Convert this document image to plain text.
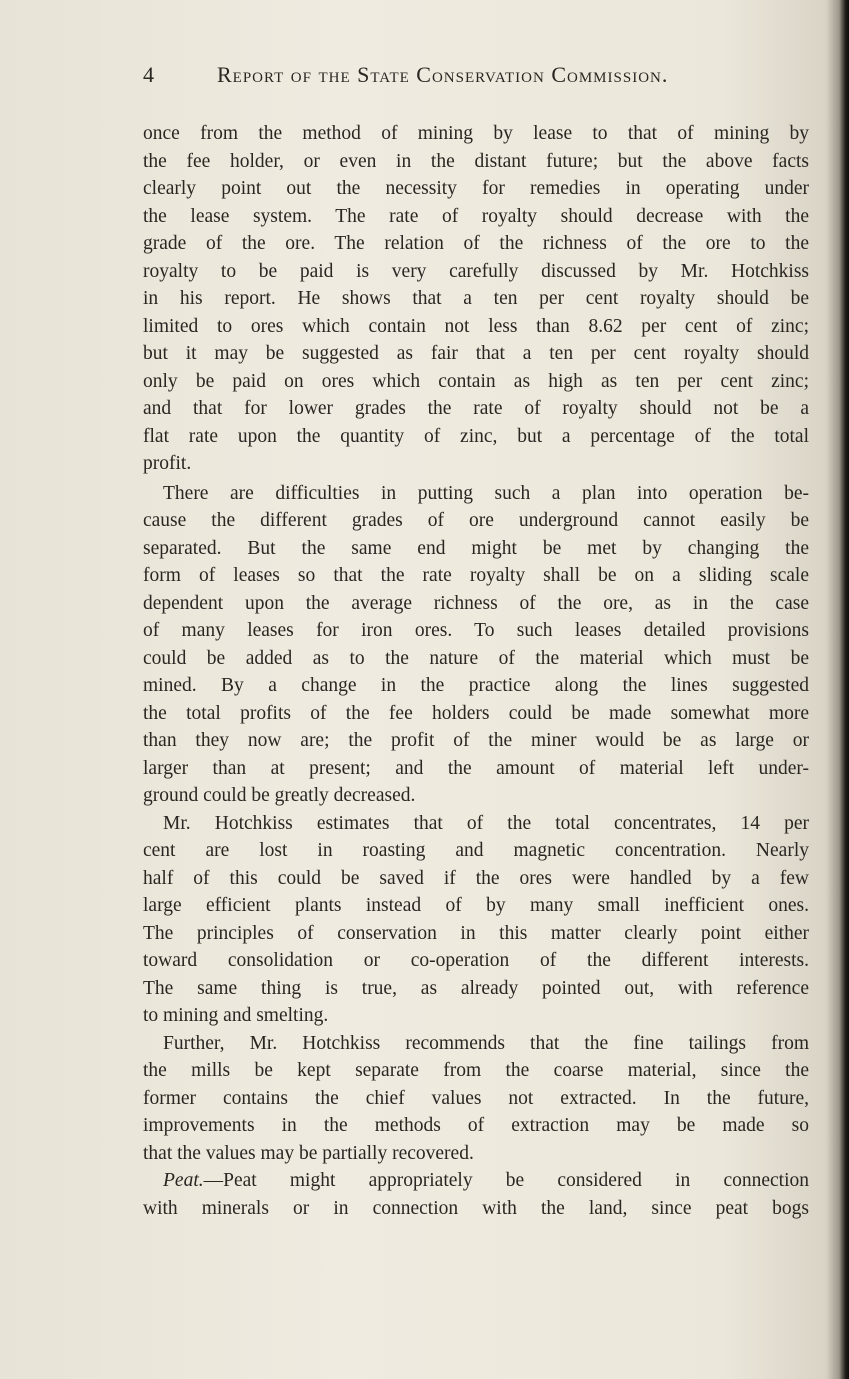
4	Report of the State Conservation Commission.
once from the method of mining by lease to that of mining by
the fee holder, or even in the distant future; but the above facts
clearly point out the necessity for remedies in operating under
the lease system. The rate of royalty should decrease with the
grade of the ore. The relation of the richness of the ore to the
royalty to be paid is very carefully discussed by Mr. Hotchkiss
in his report. He shows that a ten per cent royalty should be
limited to ores which contain not less than 8.62 per cent of zinc;
but it may be suggested as fair that a ten per cent royalty should
only be paid on ores which contain as high as ten per cent zinc;
and that for lower grades the rate of royalty should not be a
flat rate upon the quantity of zinc, but a percentage of the total
profit.
There are difficulties in putting such a plan into operation be-
cause the different grades of ore underground cannot easily be
separated. But the same end might be met by changing the
form of leases so that the rate royalty shall be on a sliding scale
dependent upon the average richness of the ore, as in the case
of many leases for iron ores. To such leases detailed provisions
could be added as to the nature of the material which must be
mined. By a change in the practice along the lines suggested
the total profits of the fee holders could be made somewhat more
than they now are; the profit of the miner would be as large or
larger than at present; and the amount of material left under-
ground could be greatly decreased.
Mr. Hotchkiss estimates that of the total concentrates, 14 per
cent are lost in roasting and magnetic concentration. Nearly
half of this could be saved if the ores were handled by a few
large efficient plants instead of by many small inefficient ones.
The principles of conservation in this matter clearly point either
toward consolidation or co-operation of the different interests.
The same thing is true, as already pointed out, with reference
to mining and smelting.
Further, Mr. Hotchkiss recommends that the fine tailings from
the mills be kept separate from the coarse material, since the
former contains the chief values not extracted. In the future,
improvements in the methods of extraction may be made so
that the values may be partially recovered.
Peat.—Peat might appropriately be considered in connection
with minerals or in connection with the land, since peat bogs
